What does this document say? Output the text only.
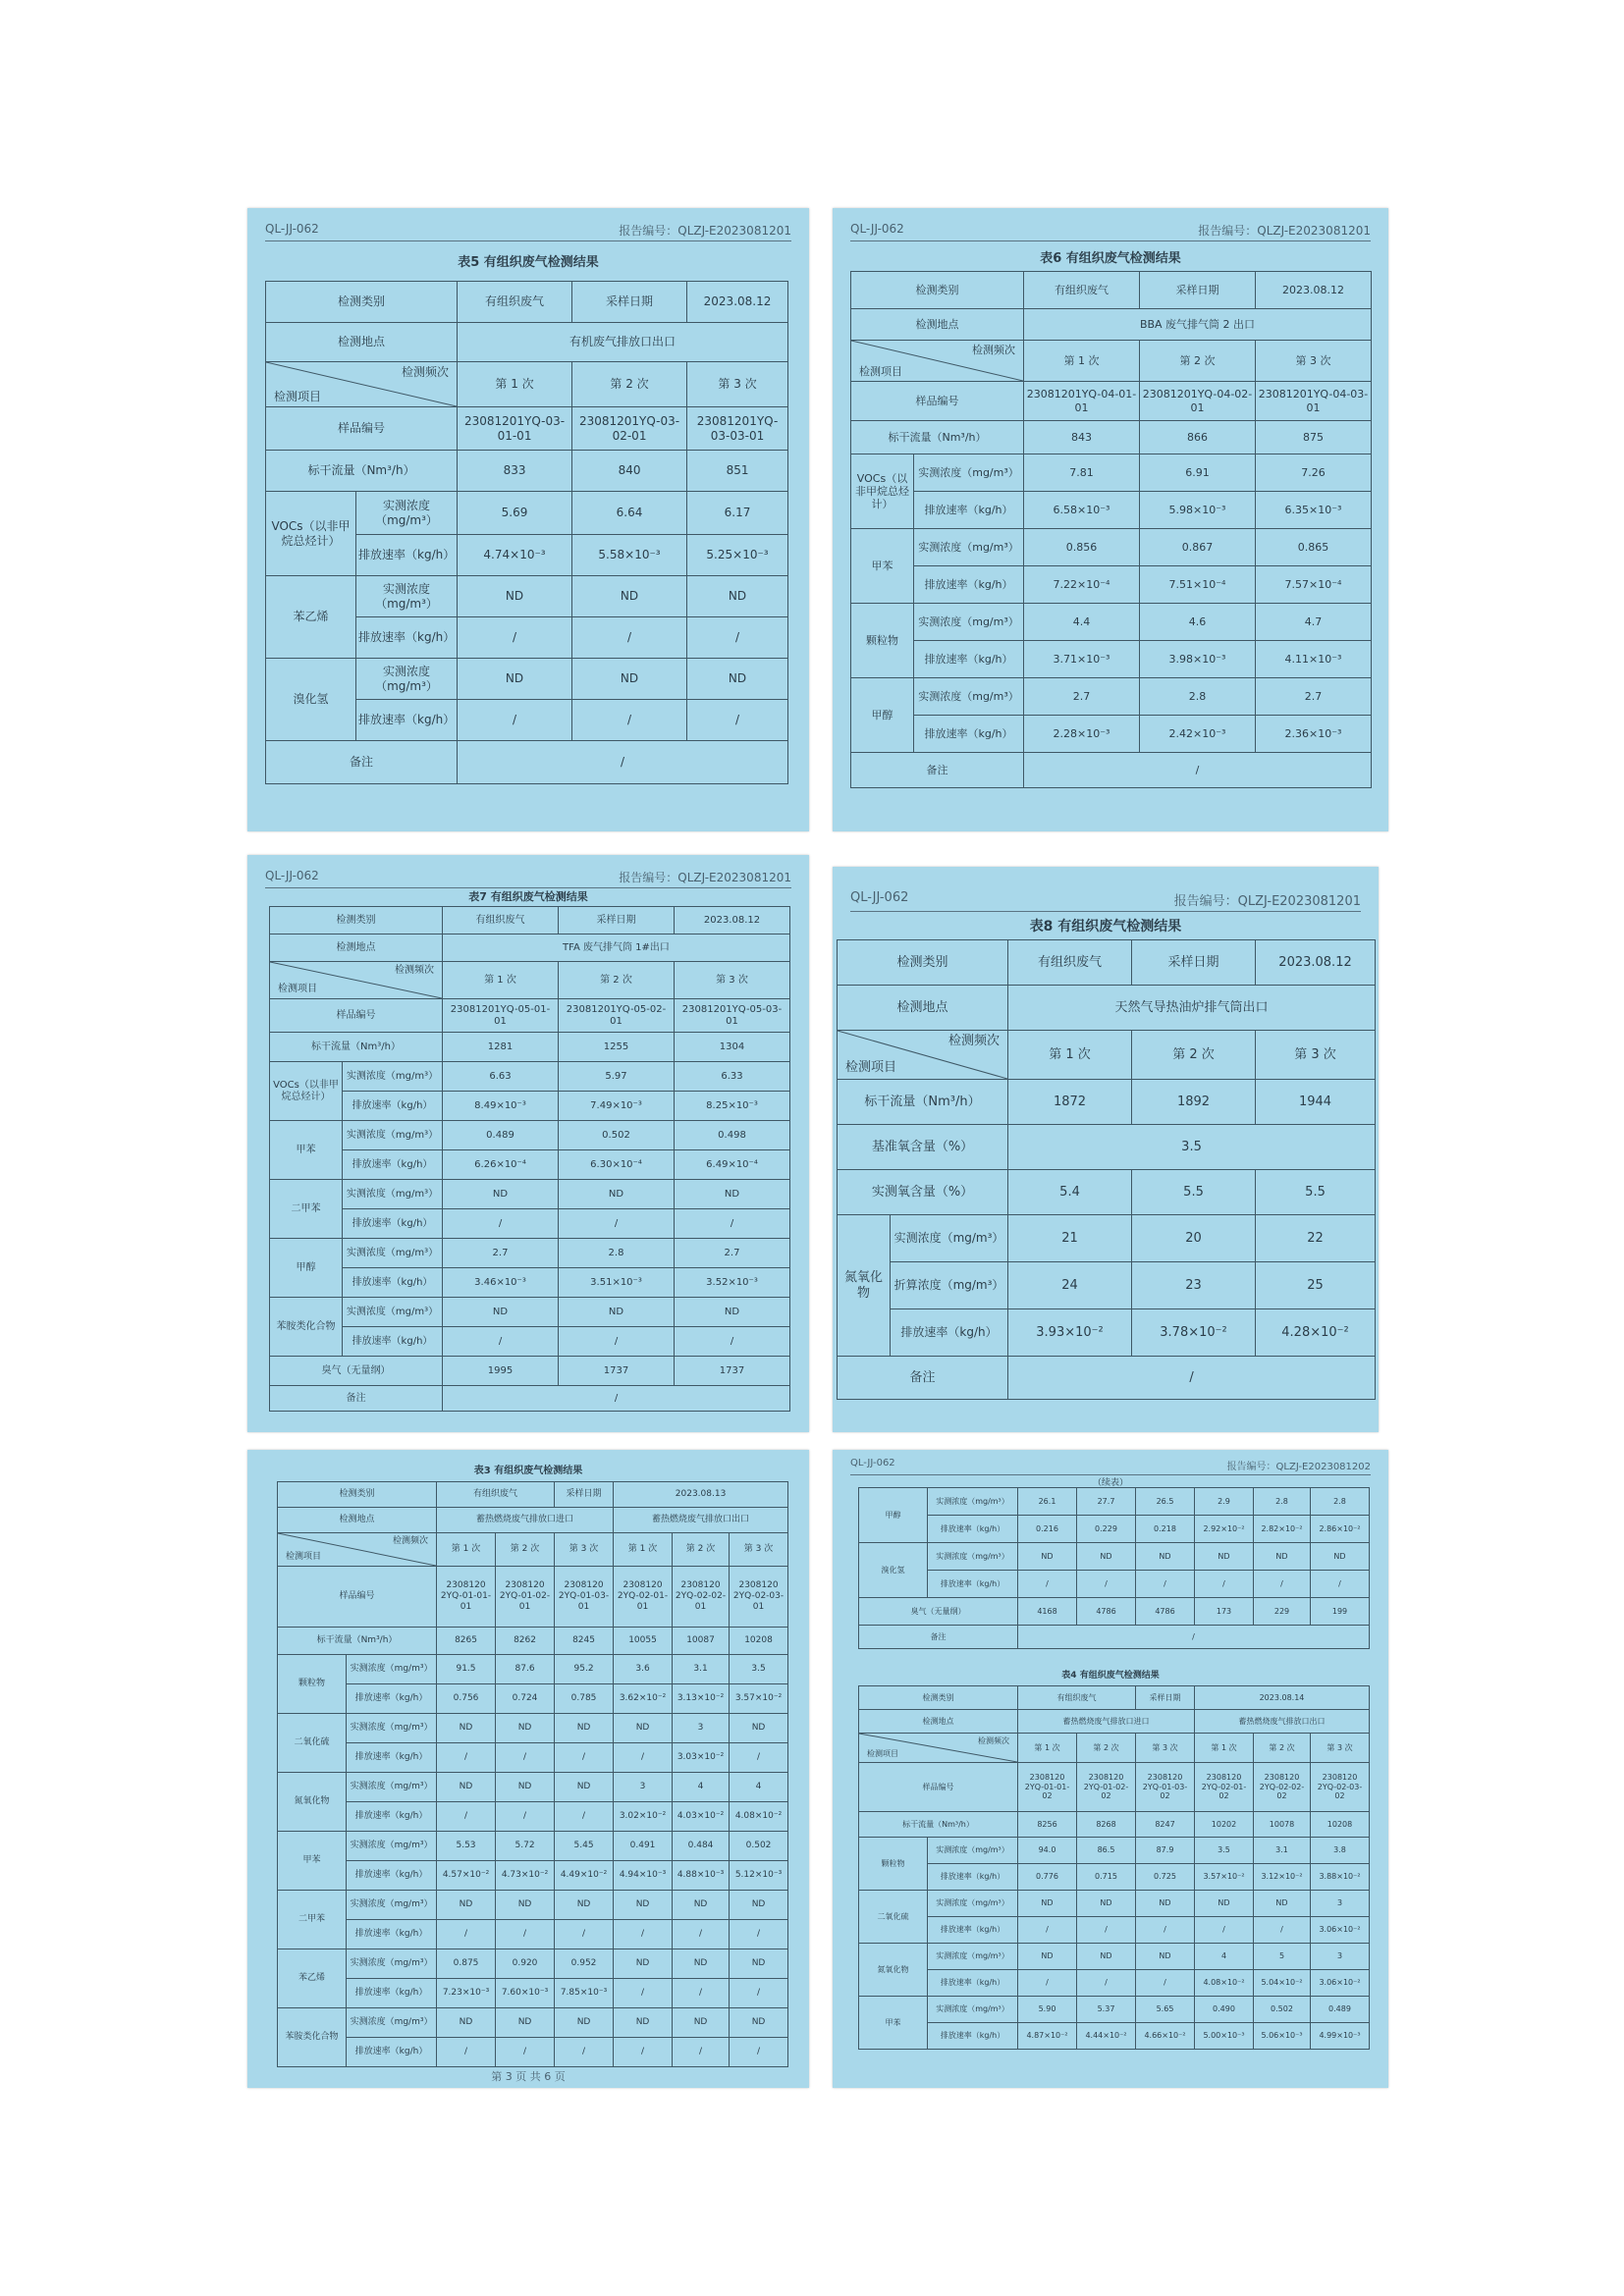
QL-JJ-062	报告编号：QLZJ-E2023081201
表5 有组织废气检测结果
检测类别		有组织废气	采样日期	2023.08.12
检测地点		有机废气排放口出口		

检测频次
检测项目		第 1 次	第 2 次	第 3 次
样品编号		23081201YQ-03-01-01	23081201YQ-03-02-01	23081201YQ-03-03-01
标干流量（Nm³/h）		833	840	851
VOCs（以非甲烷总烃计）	实测浓度（mg/m³）	5.69	6.64	6.17
	排放速率（kg/h）	4.74×10⁻³	5.58×10⁻³	5.25×10⁻³
苯乙烯	实测浓度（mg/m³）	ND	ND	ND
	排放速率（kg/h）	/	/	/
溴化氢	实测浓度（mg/m³）	ND	ND	ND
	排放速率（kg/h）	/	/	/
备注		/		
QL-JJ-062	报告编号：QLZJ-E2023081201
表6 有组织废气检测结果
检测类别		有组织废气	采样日期	2023.08.12
检测地点		BBA 废气排气筒 2 出口		

检测频次
检测项目		第 1 次	第 2 次	第 3 次
样品编号		23081201YQ-04-01-01	23081201YQ-04-02-01	23081201YQ-04-03-01
标干流量（Nm³/h）		843	866	875
VOCs（以非甲烷总烃计）	实测浓度（mg/m³）	7.81	6.91	7.26
	排放速率（kg/h）	6.58×10⁻³	5.98×10⁻³	6.35×10⁻³
甲苯	实测浓度（mg/m³）	0.856	0.867	0.865
	排放速率（kg/h）	7.22×10⁻⁴	7.51×10⁻⁴	7.57×10⁻⁴
颗粒物	实测浓度（mg/m³）	4.4	4.6	4.7
	排放速率（kg/h）	3.71×10⁻³	3.98×10⁻³	4.11×10⁻³
甲醇	实测浓度（mg/m³）	2.7	2.8	2.7
	排放速率（kg/h）	2.28×10⁻³	2.42×10⁻³	2.36×10⁻³
备注		/		
QL-JJ-062	报告编号：QLZJ-E2023081201
表7 有组织废气检测结果
检测类别		有组织废气	采样日期	2023.08.12
检测地点		TFA 废气排气筒 1#出口		

检测频次
检测项目		第 1 次	第 2 次	第 3 次
样品编号		23081201YQ-05-01-01	23081201YQ-05-02-01	23081201YQ-05-03-01
标干流量（Nm³/h）		1281	1255	1304
VOCs（以非甲烷总烃计）	实测浓度（mg/m³）	6.63	5.97	6.33
	排放速率（kg/h）	8.49×10⁻³	7.49×10⁻³	8.25×10⁻³
甲苯	实测浓度（mg/m³）	0.489	0.502	0.498
	排放速率（kg/h）	6.26×10⁻⁴	6.30×10⁻⁴	6.49×10⁻⁴
二甲苯	实测浓度（mg/m³）	ND	ND	ND
	排放速率（kg/h）	/	/	/
甲醇	实测浓度（mg/m³）	2.7	2.8	2.7
	排放速率（kg/h）	3.46×10⁻³	3.51×10⁻³	3.52×10⁻³
苯胺类化合物	实测浓度（mg/m³）	ND	ND	ND
	排放速率（kg/h）	/	/	/
臭气（无量纲）		1995	1737	1737
备注		/		
QL-JJ-062	报告编号：QLZJ-E2023081201
表8 有组织废气检测结果
检测类别		有组织废气	采样日期	2023.08.12
检测地点		天然气导热油炉排气筒出口		

检测频次
检测项目		第 1 次	第 2 次	第 3 次
标干流量（Nm³/h）		1872	1892	1944
基准氧含量（%）		3.5		
实测氧含量（%）		5.4	5.5	5.5
氮氧化物	实测浓度（mg/m³）	21	20	22
	折算浓度（mg/m³）	24	23	25
	排放速率（kg/h）	3.93×10⁻²	3.78×10⁻²	4.28×10⁻²
备注		/		
表3 有组织废气检测结果
检测类别		有组织废气		采样日期	2023.08.13		
检测地点		蓄热燃烧废气排放口进口			蓄热燃烧废气排放口出口		

检测频次
检测项目		第 1 次	第 2 次	第 3 次	第 1 次	第 2 次	第 3 次
样品编号		2308120 2YQ-01-01-01	2308120 2YQ-01-02-01	2308120 2YQ-01-03-01	2308120 2YQ-02-01-01	2308120 2YQ-02-02-01	2308120 2YQ-02-03-01
标干流量（Nm³/h）		8265	8262	8245	10055	10087	10208
颗粒物	实测浓度（mg/m³）	91.5	87.6	95.2	3.6	3.1	3.5
	排放速率（kg/h）	0.756	0.724	0.785	3.62×10⁻²	3.13×10⁻²	3.57×10⁻²
二氧化硫	实测浓度（mg/m³）	ND	ND	ND	ND	3	ND
	排放速率（kg/h）	/	/	/	/	3.03×10⁻²	/
氮氧化物	实测浓度（mg/m³）	ND	ND	ND	3	4	4
	排放速率（kg/h）	/	/	/	3.02×10⁻²	4.03×10⁻²	4.08×10⁻²
甲苯	实测浓度（mg/m³）	5.53	5.72	5.45	0.491	0.484	0.502
	排放速率（kg/h）	4.57×10⁻²	4.73×10⁻²	4.49×10⁻²	4.94×10⁻³	4.88×10⁻³	5.12×10⁻³
二甲苯	实测浓度（mg/m³）	ND	ND	ND	ND	ND	ND
	排放速率（kg/h）	/	/	/	/	/	/
苯乙烯	实测浓度（mg/m³）	0.875	0.920	0.952	ND	ND	ND
	排放速率（kg/h）	7.23×10⁻³	7.60×10⁻³	7.85×10⁻³	/	/	/
苯胺类化合物	实测浓度（mg/m³）	ND	ND	ND	ND	ND	ND
	排放速率（kg/h）	/	/	/	/	/	/
第 3 页 共 6 页
QL-JJ-062	报告编号：QLZJ-E2023081202
（续表）
甲醇	实测浓度（mg/m³）	26.1	27.7	26.5	2.9	2.8	2.8
	排放速率（kg/h）	0.216	0.229	0.218	2.92×10⁻²	2.82×10⁻²	2.86×10⁻²
溴化氢	实测浓度（mg/m³）	ND	ND	ND	ND	ND	ND
	排放速率（kg/h）	/	/	/	/	/	/
臭气（无量纲）		4168	4786	4786	173	229	199
备注		/					
表4 有组织废气检测结果
检测类别		有组织废气		采样日期	2023.08.14		
检测地点		蓄热燃烧废气排放口进口			蓄热燃烧废气排放口出口		

检测频次
检测项目		第 1 次	第 2 次	第 3 次	第 1 次	第 2 次	第 3 次
样品编号		2308120 2YQ-01-01-02	2308120 2YQ-01-02-02	2308120 2YQ-01-03-02	2308120 2YQ-02-01-02	2308120 2YQ-02-02-02	2308120 2YQ-02-03-02
标干流量（Nm³/h）		8256	8268	8247	10202	10078	10208
颗粒物	实测浓度（mg/m³）	94.0	86.5	87.9	3.5	3.1	3.8
	排放速率（kg/h）	0.776	0.715	0.725	3.57×10⁻²	3.12×10⁻²	3.88×10⁻²
二氧化硫	实测浓度（mg/m³）	ND	ND	ND	ND	ND	3
	排放速率（kg/h）	/	/	/	/	/	3.06×10⁻²
氮氧化物	实测浓度（mg/m³）	ND	ND	ND	4	5	3
	排放速率（kg/h）	/	/	/	4.08×10⁻²	5.04×10⁻²	3.06×10⁻²
甲苯	实测浓度（mg/m³）	5.90	5.37	5.65	0.490	0.502	0.489
	排放速率（kg/h）	4.87×10⁻²	4.44×10⁻²	4.66×10⁻²	5.00×10⁻³	5.06×10⁻³	4.99×10⁻³
